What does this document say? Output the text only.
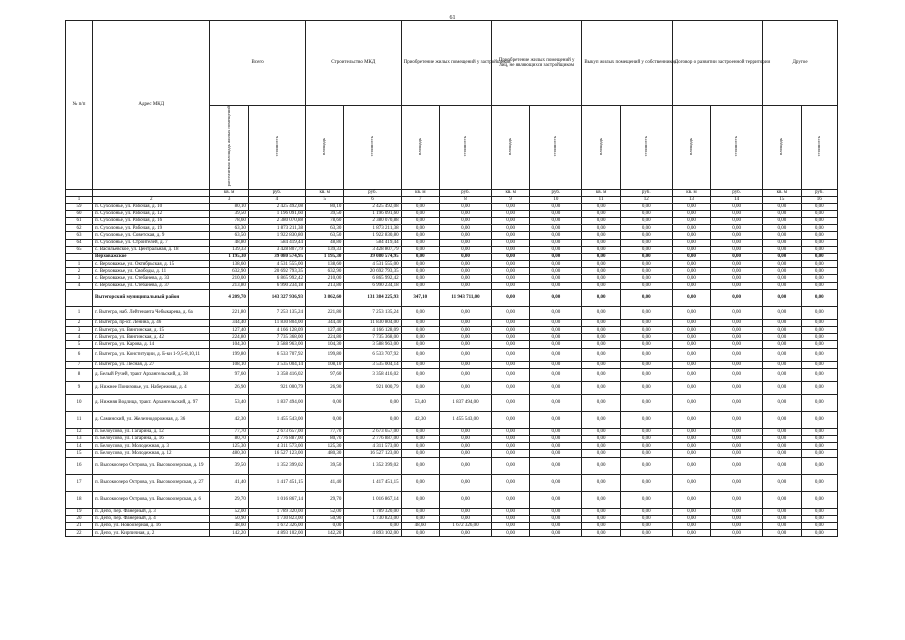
61
№ п/п	Адрес МКД	Всего		Строительство МКД		Приобретение жилых помещений у застройщиков		Приобретение жилых помещений у
лиц, не являющихся застройщиком		Выкуп жилых помещений у собственников		Договор о развитии застроенной территории		Другое	
		расселяемая площадь жилых помещений	стоимость	площадь	стоимость	площадь	стоимость	площадь	стоимость	площадь	стоимость	площадь	стоимость	площадь	стоимость
		кв. м	руб.	кв. м	руб.	кв. м	руб.	кв. м	руб.	кв. м	руб.	кв. м	руб.	кв. м	руб.
1	2	3	4	5	6	7	8	9	10	11	12	13	14	15	16
59	п. Сухолонье, ул. Рабочая, д. 10	80,10	2 425 492,08	80,10	2 425 492,08	0,00	0,00	0,00	0,00	0,00	0,00	0,00	0,00	0,00	0,00
60	п. Сухолонье, ул. Рабочая, д. 12	39,50	1 196 091,60	39,50	1 196 091,60	0,00	0,00	0,00	0,00	0,00	0,00	0,00	0,00	0,00	0,00
61	п. Сухолонье, ул. Рабочая, д. 16	78,60	2 380 070,88	78,60	2 380 070,88	0,00	0,00	0,00	0,00	0,00	0,00	0,00	0,00	0,00	0,00
62	п. Сухолонье, ул. Рабочая, д. 19	63,30	1 873 211,38	63,30	1 873 211,38	0,00	0,00	0,00	0,00	0,00	0,00	0,00	0,00	0,00	0,00
63	п. Сухолонье, ул. Советская, д. 9	63,50	1 922 830,80	63,50	1 922 830,80	0,00	0,00	0,00	0,00	0,00	0,00	0,00	0,00	0,00	0,00
64	п. Сухолонье, ул. Строителей, д. 7	48,80	584 419,44	48,80	584 419,44	0,00	0,00	0,00	0,00	0,00	0,00	0,00	0,00	0,00	0,00
65	с. Васильевское, ул. Центральная, д. 18	139,33	3 428 807,79	139,33	3 428 807,79	0,00	0,00	0,00	0,00	0,00	0,00	0,00	0,00	0,00	0,00
	Верховажское	1 195,30	39 080 574,95	1 195,30	39 080 574,95	0,00	0,00	0,00	0,00	0,00	0,00	0,00	0,00	0,00	0,00
1	с. Верховажье, ул. Октябрьская, д. 15	138,60	4 531 555,00	138,60	4 531 555,00	0,00	0,00	0,00	0,00	0,00	0,00	0,00	0,00	0,00	0,00
2	с. Верховажье, ул. Свободы, д. 11	632,90	20 692 793,35	632,90	20 692 793,35	0,00	0,00	0,00	0,00	0,00	0,00	0,00	0,00	0,00	0,00
3	с. Верховажье, ул. Стебанева, д. 33	210,00	6 865 992,42	210,00	6 865 992,42	0,00	0,00	0,00	0,00	0,00	0,00	0,00	0,00	0,00	0,00
4	с. Верховажье, ул. Стебанева, д. 37	213,80	6 990 234,18	213,80	6 990 234,18	0,00	0,00	0,00	0,00	0,00	0,00	0,00	0,00	0,00	0,00
	Вытегорский муниципальный район	4 209,70	143 327 936,93	3 862,60	131 384 225,93	347,10	11 943 711,00	0,00	0,00	0,00	0,00	0,00	0,00	0,00	0,00
1	г. Вытегра, наб. Лейтенанта Чебыкарева, д. 6а	221,80	7 253 135,24	221,80	7 253 135,24	0,00	0,00	0,00	0,00	0,00	0,00	0,00	0,00	0,00	0,00
2	г. Вытегра, пр-кт. Ленина, д. 46	344,40	11 830 804,00	344,40	11 830 804,00	0,00	0,00	0,00	0,00	0,00	0,00	0,00	0,00	0,00	0,00
3	г. Вытегра, ул. Вянгинская, д. 15	127,40	4 166 128,09	127,40	4 166 128,09	0,00	0,00	0,00	0,00	0,00	0,00	0,00	0,00	0,00	0,00
4	г. Вытегра, ул. Вянгинская, д. 42	224,80	7 735 368,00	224,80	7 735 368,00	0,00	0,00	0,00	0,00	0,00	0,00	0,00	0,00	0,00	0,00
5	г. Вытегра, ул. Карова, д. 14	104,30	3 588 963,00	104,30	3 588 963,00	0,00	0,00	0,00	0,00	0,00	0,00	0,00	0,00	0,00	0,00
6	г. Вытегра, ул. Конституции, д. Б-ки 1-9,5-8,10,11	199,80	6 533 707,92	199,80	6 533 707,92	0,00	0,00	0,00	0,00	0,00	0,00	0,00	0,00	0,00	0,00
7	г. Вытегра, ул. Лесная, д. 27	108,10	3 535 004,14	108,10	3 535 004,14	0,00	0,00	0,00	0,00	0,00	0,00	0,00	0,00	0,00	0,00
8	д. Белый Ручей, тракт Архангельский, д. 38	97,60	3 358 416,02	97,60	3 358 416,02	0,00	0,00	0,00	0,00	0,00	0,00	0,00	0,00	0,00	0,00
9	д. Нижнее Понизовье, ул. Набережная, д. 4	26,90	921 000,79	26,90	921 000,79	0,00	0,00	0,00	0,00	0,00	0,00	0,00	0,00	0,00	0,00
10	д. Нижняя Водлица, тракт. Архангельский, д. 97	53,40	1 837 494,00	0,00	0,00	53,40	1 837 494,00	0,00	0,00	0,00	0,00	0,00	0,00	0,00	0,00
11	д. Саминский, ул. Железнодорожная, д. 36	42,30	1 455 543,00	0,00	0,00	42,30	1 455 543,00	0,00	0,00	0,00	0,00	0,00	0,00	0,00	0,00
12	п. Белоусово, ул. Гагарина, д. 12	77,70	2 673 657,00	77,70	2 673 657,00	0,00	0,00	0,00	0,00	0,00	0,00	0,00	0,00	0,00	0,00
13	п. Белоусово, ул. Гагарина, д. 16	80,70	2 776 887,00	80,70	2 776 887,00	0,00	0,00	0,00	0,00	0,00	0,00	0,00	0,00	0,00	0,00
14	п. Белоусово, ул. Молодежная, д. 3	125,30	4 311 573,00	125,30	4 311 573,00	0,00	0,00	0,00	0,00	0,00	0,00	0,00	0,00	0,00	0,00
15	п. Белоусово, ул. Молодежная, д. 12	480,30	16 527 123,00	480,30	16 527 123,00	0,00	0,00	0,00	0,00	0,00	0,00	0,00	0,00	0,00	0,00
16	п. Высокоозеро Острова, ул. Высокоозерская, д. 19	39,50	1 352 399,02	39,50	1 352 399,02	0,00	0,00	0,00	0,00	0,00	0,00	0,00	0,00	0,00	0,00
17	п. Высокоозеро Острова, ул. Высокоозерская, д. 27	41,40	1 417 451,15	41,40	1 417 451,15	0,00	0,00	0,00	0,00	0,00	0,00	0,00	0,00	0,00	0,00
18	п. Высокоозеро Острова, ул. Высокоозерская, д. 6	29,70	1 016 867,14	29,70	1 016 867,14	0,00	0,00	0,00	0,00	0,00	0,00	0,00	0,00	0,00	0,00
19	п. Депо, пер. Фанерный, д. 3	52,00	1 789 320,00	52,00	1 789 320,00	0,00	0,00	0,00	0,00	0,00	0,00	0,00	0,00	0,00	0,00
20	п. Депо, пер. Фанерный, д. 4	50,90	1 730 823,00	50,90	1 730 823,00	0,00	0,00	0,00	0,00	0,00	0,00	0,00	0,00	0,00	0,00
21	п. Депо, ул. Новоозерная, д. 16	48,60	1 672 326,00	0,00	0,00	48,60	1 672 326,00	0,00	0,00	0,00	0,00	0,00	0,00	0,00	0,00
22	п. Депо, ул. Кирпичная, д. 2	142,20	4 893 102,00	142,20	4 893 102,00	0,00	0,00	0,00	0,00	0,00	0,00	0,00	0,00	0,00	0,00
